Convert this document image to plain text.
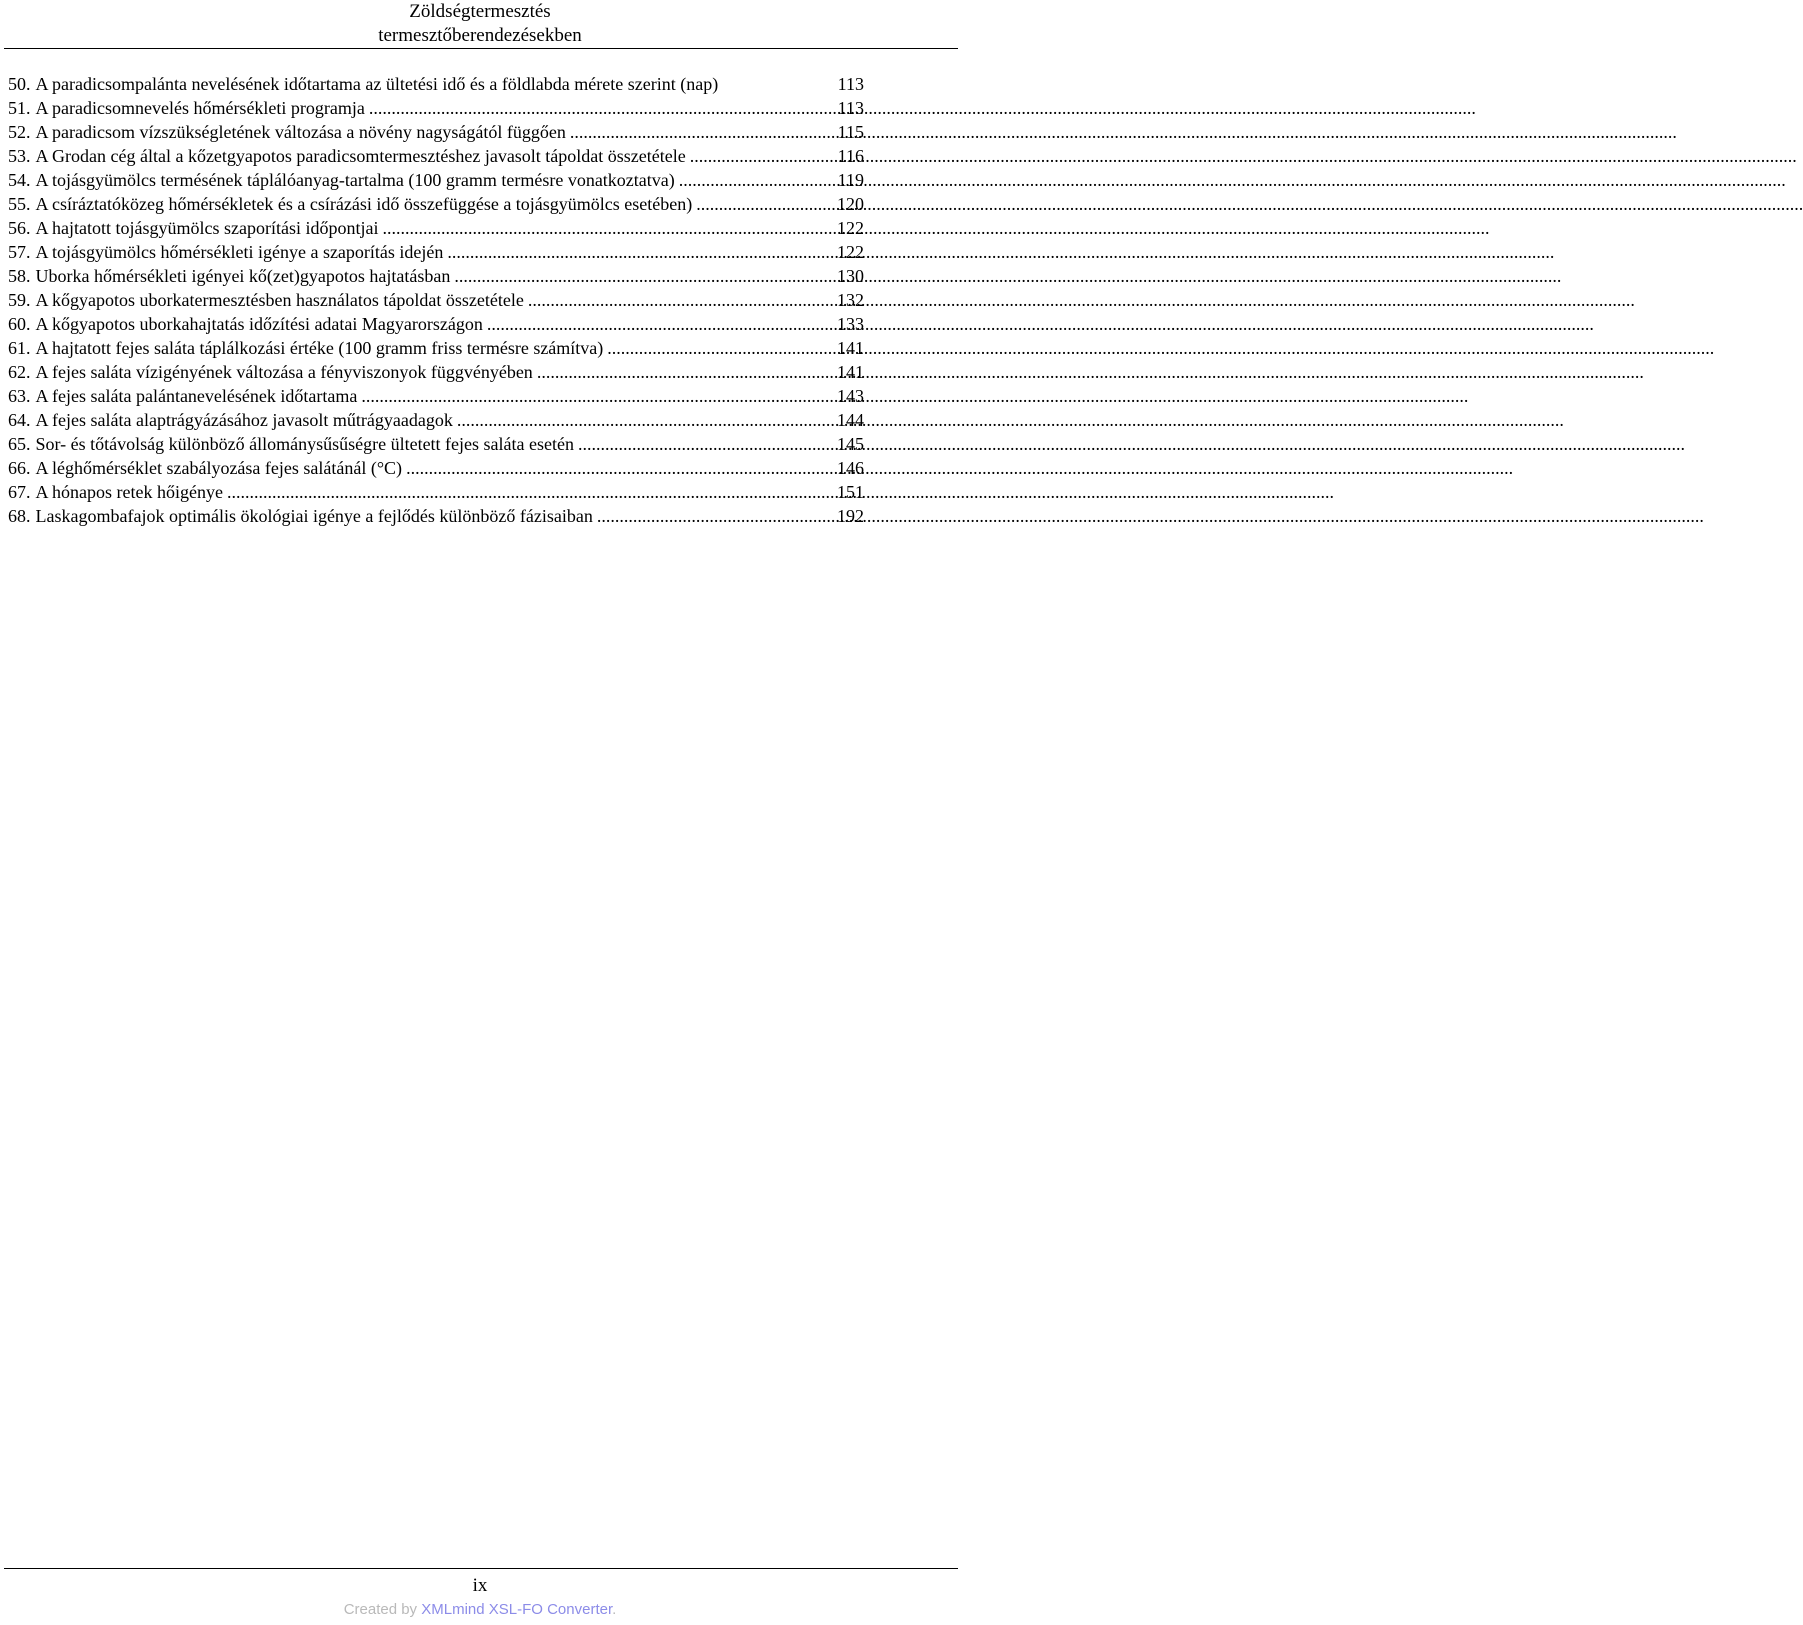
Zöldségtermesztés
termesztőberendezésekben
50. A paradicsompalánta nevelésének időtartama az ültetési idő és a földlabda mérete szerint (nap)	113
51. A paradicsomnevelés hőmérsékleti programja .....	113
52. A paradicsom vízszükségletének változása a növény nagyságától függően .....	115
53. A Grodan cég által a kőzetgyapotos paradicsomtermesztéshez javasolt tápoldat összetétele .....	116
54. A tojásgyümölcs termésének táplálóanyag-tartalma (100 gramm termésre vonatkoztatva) .....	119
55. A csíráztatóközeg hőmérsékletek és a csírázási idő összefüggése a tojásgyümölcs esetében) .....	120
56. A hajtatott tojásgyümölcs szaporítási időpontjai .....	122
57. A tojásgyümölcs hőmérsékleti igénye a szaporítás idején .....	122
58. Uborka hőmérsékleti igényei kő(zet)gyapotos hajtatásban .....	130
59. A kőgyapotos uborkatermesztésben használatos tápoldat összetétele .....	132
60. A kőgyapotos uborkahajtatás időzítési adatai Magyarországon .....	133
61. A hajtatott fejes saláta táplálkozási értéke (100 gramm friss termésre számítva) .....	141
62. A fejes saláta vízigényének változása a fényviszonyok függvényében .....	141
63. A fejes saláta palántanevelésének időtartama .....	143
64. A fejes saláta alaptrágyázásához javasolt műtrágyaadagok .....	144
65. Sor- és tőtávolság különböző állománysűsűségre ültetett fejes saláta esetén .....	145
66. A léghőmérséklet szabályozása fejes salátánál (°C) .....	146
67. A hónapos retek hőigénye .....	151
68. Laskagombafajok optimális ökológiai igénye a fejlődés különböző fázisaiban .....	192
ix
Created by XMLmind XSL-FO Converter.
